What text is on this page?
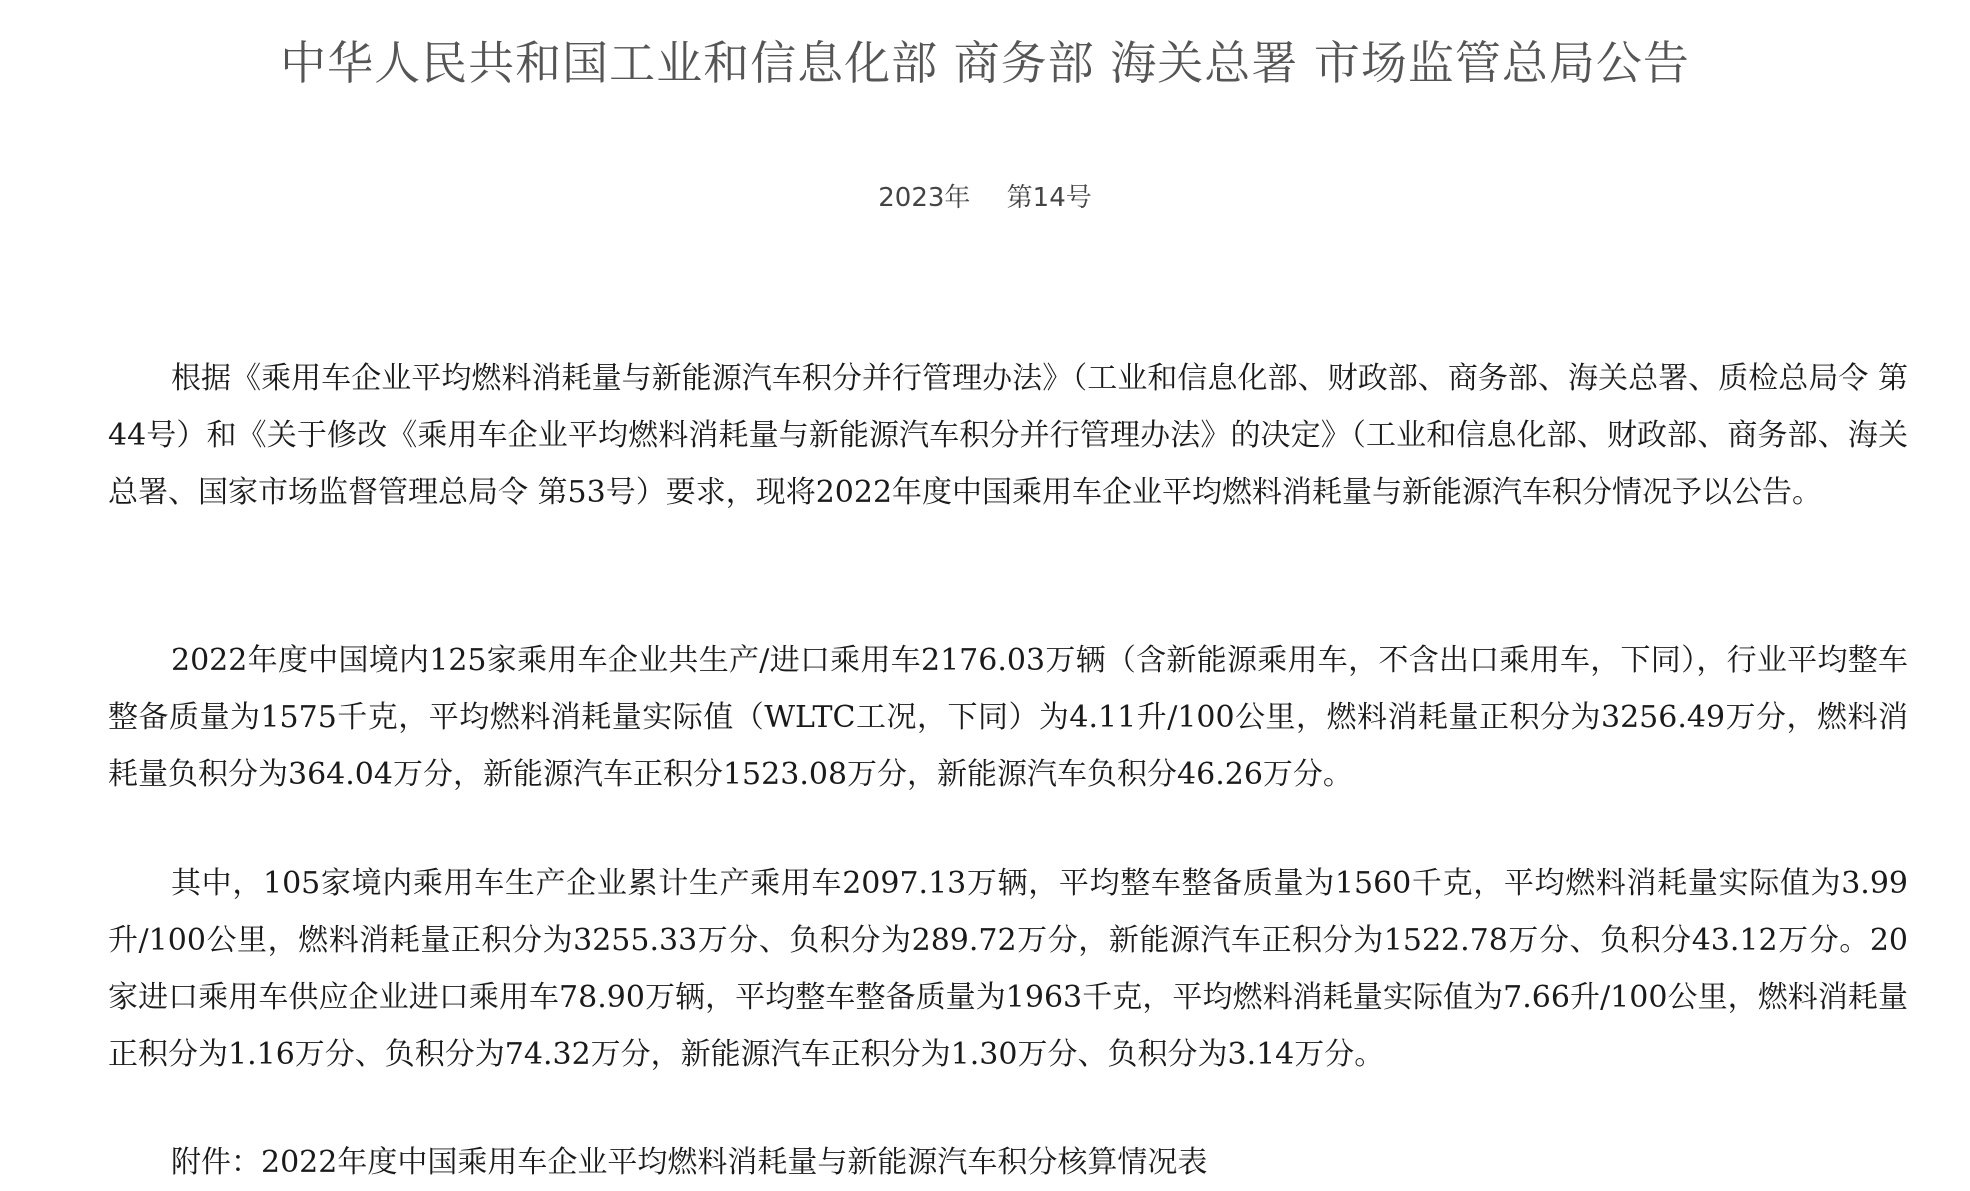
中华人民共和国工业和信息化部 商务部 海关总署 市场监管总局公告
2023年 第14号

根据《乘用车企业平均燃料消耗量与新能源汽车积分并行管理办法》（工业和信息化部、财政部、商务部、海关总署、质检总局令 第44号）和《关于修改《乘用车企业平均燃料消耗量与新能源汽车积分并行管理办法》的决定》（工业和信息化部、财政部、商务部、海关总署、国家市场监督管理总局令 第53号）要求，现将2022年度中国乘用车企业平均燃料消耗量与新能源汽车积分情况予以公告。

2022年度中国境内125家乘用车企业共生产/进口乘用车2176.03万辆（含新能源乘用车，不含出口乘用车，下同），行业平均整车整备质量为1575千克，平均燃料消耗量实际值（WLTC工况，下同）为4.11升/100公里，燃料消耗量正积分为3256.49万分，燃料消耗量负积分为364.04万分，新能源汽车正积分1523.08万分，新能源汽车负积分46.26万分。

其中，105家境内乘用车生产企业累计生产乘用车2097.13万辆，平均整车整备质量为1560千克，平均燃料消耗量实际值为3.99升/100公里，燃料消耗量正积分为3255.33万分、负积分为289.72万分，新能源汽车正积分为1522.78万分、负积分43.12万分。20家进口乘用车供应企业进口乘用车78.90万辆，平均整车整备质量为1963千克，平均燃料消耗量实际值为7.66升/100公里，燃料消耗量正积分为1.16万分、负积分为74.32万分，新能源汽车正积分为1.30万分、负积分为3.14万分。

附件：2022年度中国乘用车企业平均燃料消耗量与新能源汽车积分核算情况表
